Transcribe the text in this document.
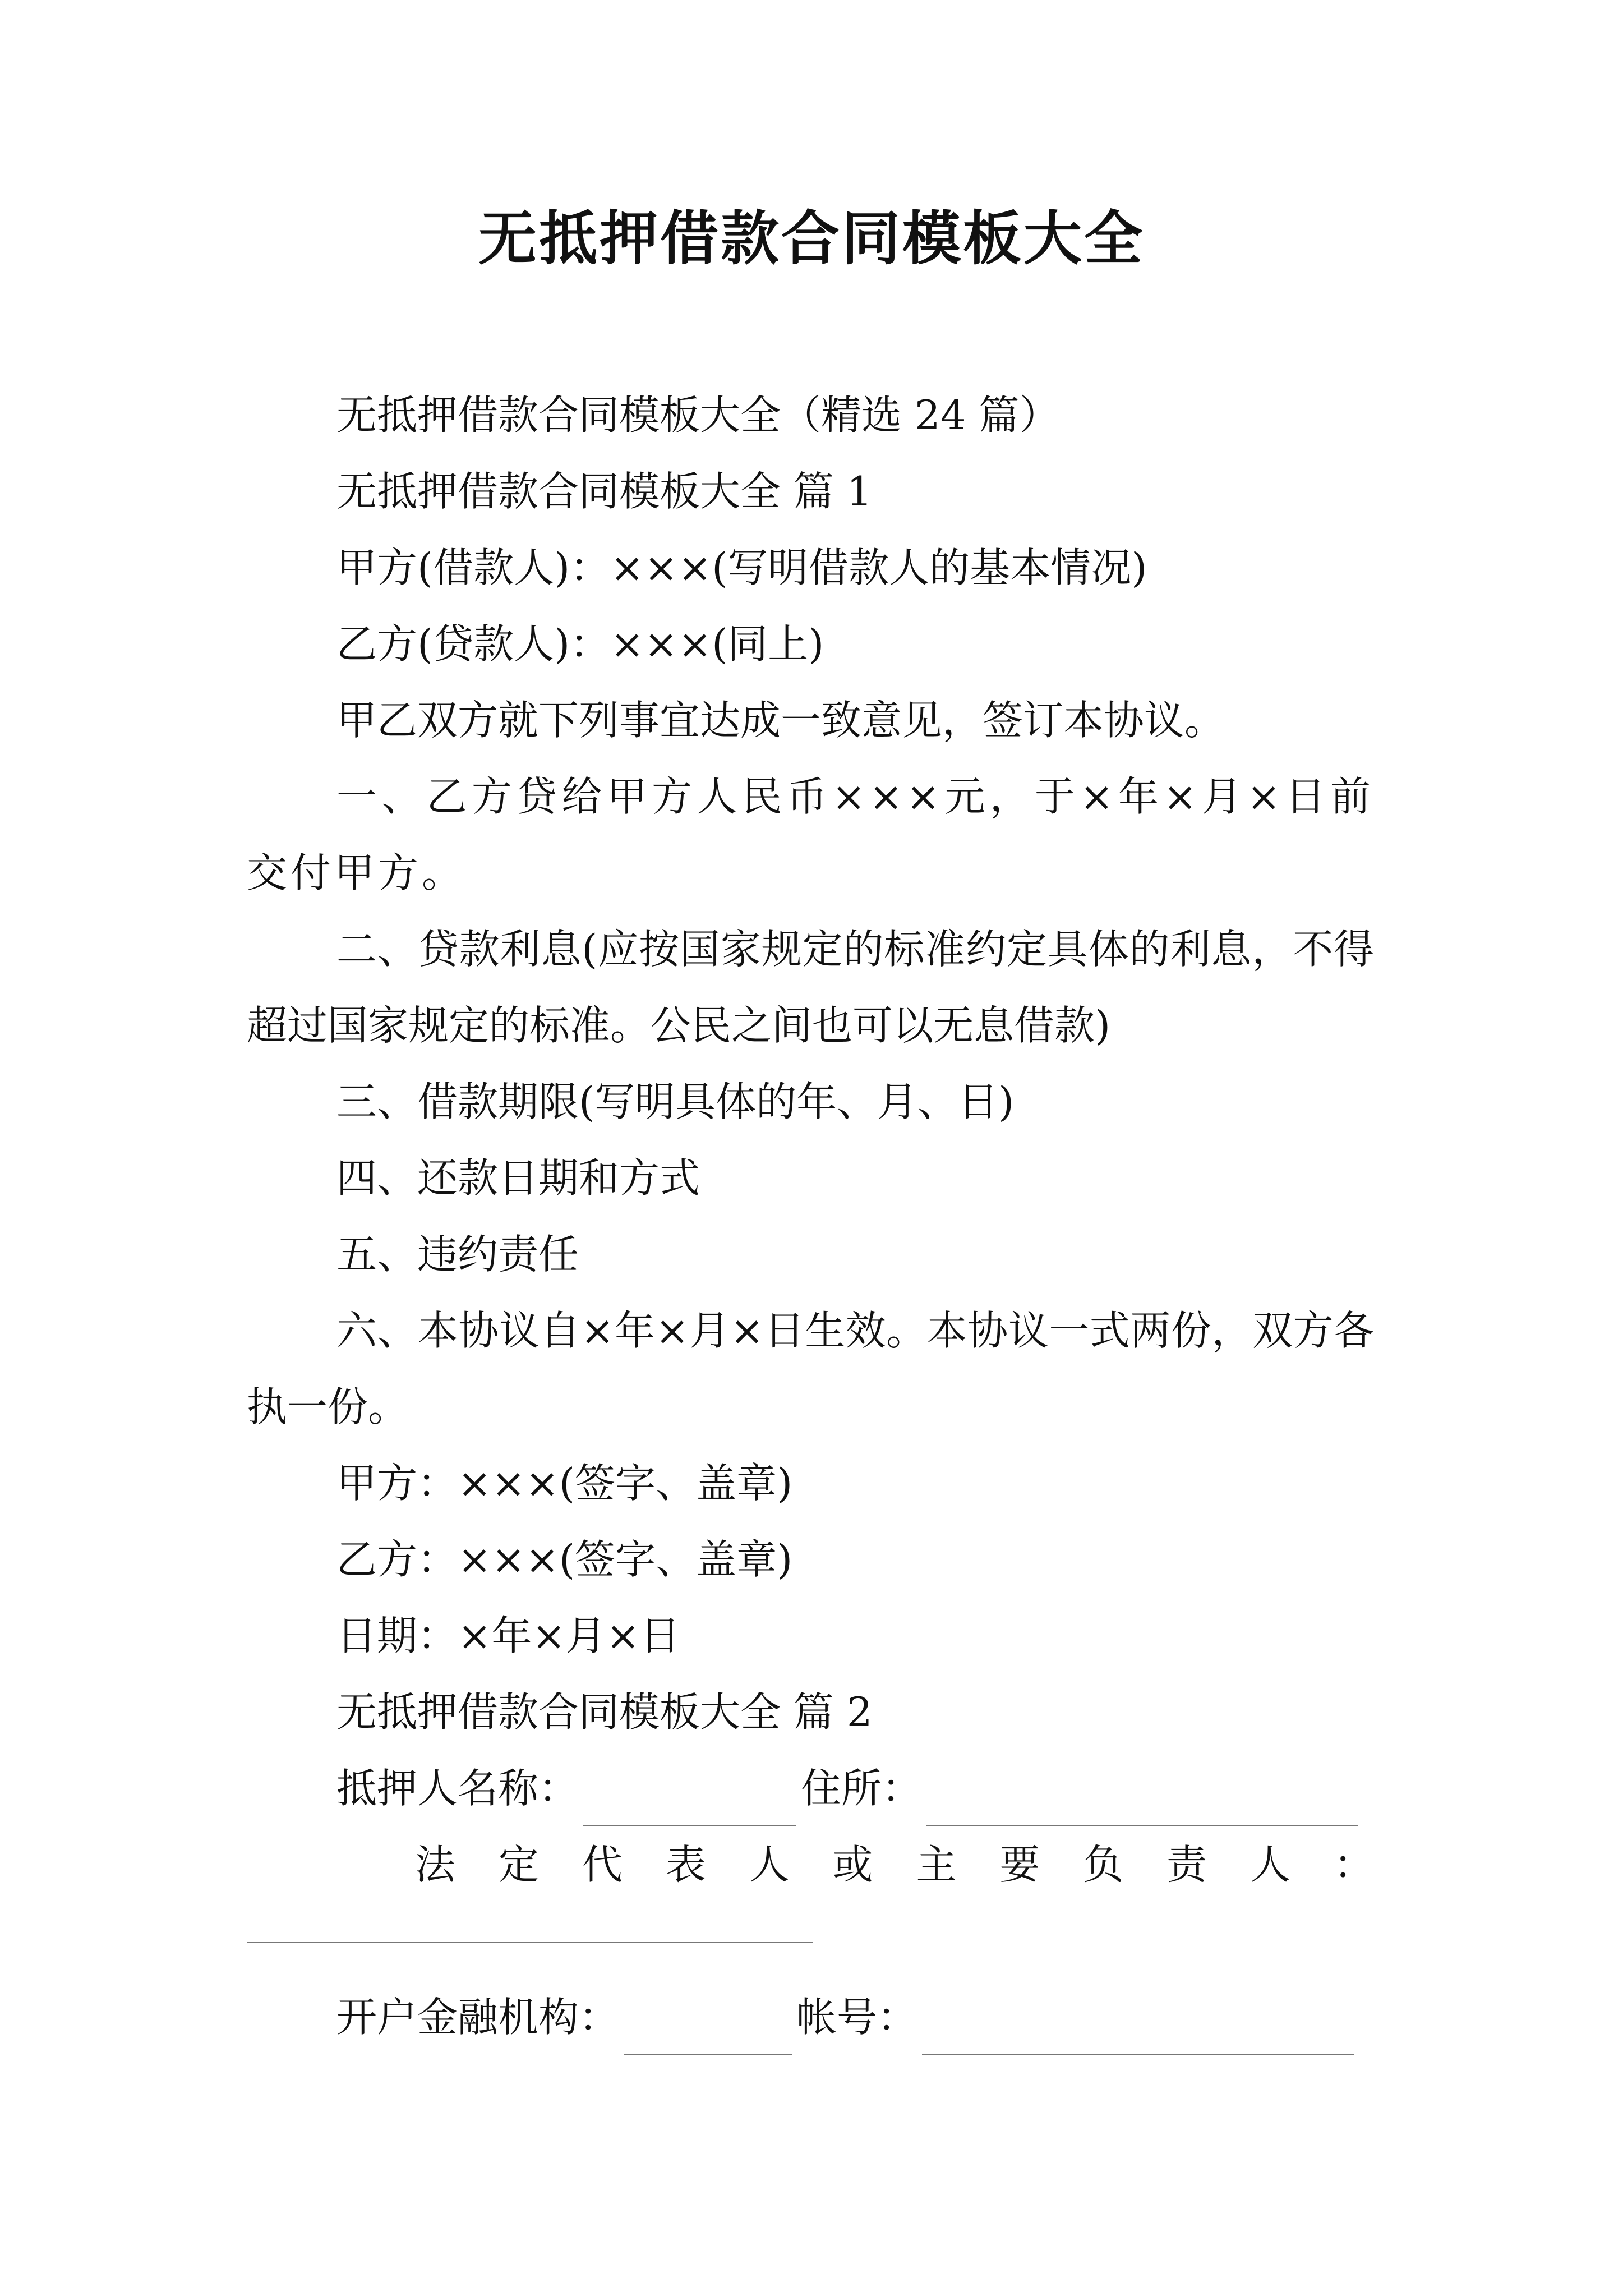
无抵押借款合同模板大全

无抵押借款合同模板大全（精选 24 篇）

无抵押借款合同模板大全 篇 1

甲方(借款人)：×××(写明借款人的基本情况)

乙方(贷款人)：×××(同上)

甲乙双方就下列事宜达成一致意见，签订本协议。

一、乙方贷给甲方人民币×××元，于×年×月×日前交付甲方。

二、贷款利息(应按国家规定的标准约定具体的利息，不得超过国家规定的标准。公民之间也可以无息借款)

三、借款期限(写明具体的年、月、日)

四、还款日期和方式

五、违约责任

六、本协议自×年×月×日生效。本协议一式两份，双方各执一份。

甲方：×××(签字、盖章)

乙方：×××(签字、盖章)

日期：×年×月×日

无抵押借款合同模板大全 篇 2

抵押人名称：	住所：

法 定 代 表 人 或 主 要 负 责 人 ：

开户金融机构：	帐号：
